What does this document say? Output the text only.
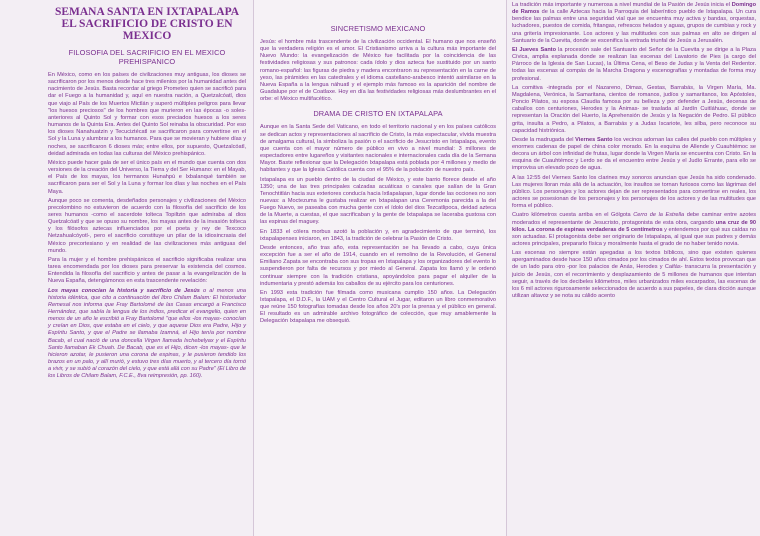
SEMANA SANTA EN IXTAPALAPA
EL SACRIFICIO DE CRISTO EN MEXICO
FILOSOFIA DEL SACRIFICIO EN EL MEXICO PREHISPANICO

En México, como en los países de civilizaciones muy antiguas, los dioses se sacrificaron por los menos desde hace tres milenios por la humanidad antes del nacimiento de Jesús. Basta recordar al griego Prometeo quien se sacrificó para dar el Fuego a la humanidad y, aquí en nuestra nación, a Quetzalcóatl, dios que viajo al País de los Muertos Mictlán y superó múltiples peligros para llevar "los huesos preciosos" de los hombres que murieron en las épocas -o soles- anteriores al Quinto Sol y formar con esos preciados huesos a los seres humanos de la Quinta Era. Antes del Quinto Sol reinaba la obscuridad. Por eso los dioses Nanahuatzin y Tecuciztécatl se sacrificaron para convertirse en el Sol y la Luna y alumbrar a los humanos. Para que se movieran y hubiere días y noches, se sacrificaron 6 dioses más; entre ellos, por supuesto, Quetzalcóatl, deidad admirada en todas las culturas del México prehispánico.

México puede hacer gala de ser el único país en el mundo que cuenta con dos versiones de la creación del Universo, la Tierra y del Ser Humano: en el Mayab, el País de los mayas, los hermanos Hunahpú e Ixbalanqué también se sacrificaron para ser el Sol y la Luna y formar los días y las noches en el País Maya.

Aunque poco se comenta, desdeñados personajes y civilizaciones del México precolombino no estuvieron de acuerdo con la filosofía del sacrificio de los seres humanos -como el sacerdote tolteca Topiltzin que admiraba al dios Quetzalcóatl y que se opuso su nombre, los mayas antes de la invasión tolteca y los filósofos aztecas influenciados por el poeta y rey de Texcoco Netzahualcóyotl-, pero el sacrificio constituye un pilar de la idiosincrasia del México precortesiano y en realidad de las civilizaciones más antiguas del mundo.

Para la mujer y el hombre prehispánicos el sacrificio significaba realizar una tarea encomendada por los dioses para preservar la existencia del cosmos. Entendida la filosofía del sacrificio y antes de pasar a la evangelización de la Nueva España, detengámonos en esta trascendente revelación:

Los mayas conocían la historia y sacrificio de Jesús o al menos una historia idéntica, que cito a continuación del libro Chilam Balam: El historiador Remesal nos informa que Fray Bartolomé de las Casas encargó a Francisco Hernández, que sabía la lengua de los indios, predicar el evangelio, quien en menos de un año le escribió a Fray Bartolomé "que ellos -los mayas- conocían y creían en Dios, que estaba en el cielo, y que aquese Dios era Padre, Hijo y Espíritu Santo, y que el Padre se llamaba Izamná, el Hijo tenía por nombre Bacab, el cual nació de una doncella Virgen llamada Ixchebelyax y el Espíritu Santo llamaban Ek Chuah. De Bacab, que es el Hijo, dicen -los mayas- que le hicieron azotar, le pusieron una corona de espinas, y le pusieron tendido los brazos en un palo, y allí murió, y estuvo tres días muerto, y al tercero día tornó a vivir, y se subió al corazón del cielo, y que está allá con su Padre" (El Libro de los Libros de Chilam Balam, F.C.E., 8va reimpresión, pp. 160).

SINCRETISMO MEXICANO

Jesús: el hombre más trascendente de la civilización occidental. El humano que nos enseñó que la verdadera religión es el amor. El Cristianismo arriva a la cultura más importante del Nuevo Mundo: la evangelización de México fue facilitada por la coincidencia de las festividades religiosas y sus patronos: cada ídolo y dios azteca fue sustituido por un santo romano-español: las figuras de piedra y madera encontraron su representación en la carne de yeso, las pirámides en las catedrales y el idioma castellano-arabesco intentó asimilarse en la Nueva España a la lengua náhuatl y el ejemplo más famoso es la aparición del nombre de Guadalupe por el de Coatlaxe. Hoy en día las festividades religiosas más deslumbrantes en el orbe: el México multifacético.

DRAMA DE CRISTO EN IXTAPALAPA

Aunque en la Santa Sede del Vaticano, en todo el territorio nacional y en los países católicos se dedican actos y representaciones al sacrificio de Cristo, la más espectacular, vívida muestra de amalgama cultural, la simboliza la pasión o el sacrificio de Jesucristo en Ixtapalapa, evento que cuenta con el mayor número de público en vivo a nivel mundial: 3 millones de espectadores entre lugareños y visitantes nacionales e internacionales cada día de la Semana Mayor. Baste reflexionar que la Delegación Ixtapalapa está poblada por 4 millones y medio de habitantes y que la Iglesia Católica cuenta con el 95% de la población de nuestro país.

Ixtapalapa es un pueblo dentro de la ciudad de México, y este barrio florece desde el año 1350; una de las tres principales calzadas acuáticas o canales que salían de la Gran Tenochtitlán hacia sus exteriores conducía hacia Ixtlapalapan, lugar donde las occiones no son nuevas: a Moctezuma le gustaba realizar en Ixtapalapan una Ceremonia parecida a la del Fuego Nuevo, se paseaba con mucha gente con el ídolo del dios Tezcatlipoca, deidad azteca de la Muerte, a cuestas, el que sacrificaban y la gente de Ixtapalapa se laceraba gustosa con las espinas del maguey.

En 1833 el cólera morbus azotó la población y, en agradecimiento de que terminó, los ixtapalapenses iniciaron, en 1843, la tradición de celebrar la Pasión de Cristo.

Desde entonces, año tras año, esta representación se ha llevado a cabo, cuya única excepción fue a ser el año de 1914, cuando en el remolino de la Revolución, el General Emiliano Zapata se encontraba con sus tropas en Ixtapalapa y los organizadores del evento lo suspendieron por falta de recursos y por miedo al General. Zapata los llamó y le ordenó continuar siempre con la tradición cristiana, apoyándolos para pagar el alquiler de la indumentaria y prestó además los caballos de su ejército para los centuriones.

En 1993 esta tradición fue filmada como musicana cumplio 150 años. La Delegación Ixtapalapa, el D.D.F., la UAM y el Centro Cultural el Jugar, editaron un libro conmemorativo que reúne 150 fotografías tomadas desde los años 20's por la prensa y el público en general. El resultado es un admirable archivo fotográfico de colección, que muy amablemente la Delegación Ixtapalapa me obsequió.

La tradición más importante y numerosa a nivel mundial de la Pasión de Jesús inicia el Domingo de Ramos de la calle Aztecas hacia la Parroquia del laberíntico pueblo de Ixtapalapa. Un cura bendice las palmas entre una seguridad vial que se encuentra muy activa y bandas, orquestas, luchadores, puestos de comida, fritangas, refrescos helados y aguas, grupos de cumbias y rock y una gritería impresionante. Los actores y las multitudes con sus palmas en alto se dirigen al Santuario de la Cuevita, donde se escenifica la entrada triunfal de Jesús a Jerusalén.

El Jueves Santo la procesión sale del Santuario del Señor de la Cuevita y se dirige a la Plaza Cívica, amplia explanada donde se realizan las escenas del Lavatorio de Pies (a cargo del Párroco de la Iglesia de San Lucas), la Última Cena, el Beso de Judas y la Venta del Redentor. todas las escenas al compás de la Marcha Dragona y escenografías y montadas de forma muy profesional.

La comitiva -integrada por el Nazareno, Dimas, Gestas, Barrabás, la Virgen María, Ma. Magdalena, Verónica, la Samaritana, cientos de romanos, judíos y samaritanos, los Apóstoles, Poncio Pilatos, su esposa Claudia famosa por su belleza y por defender a Jesús, decenas de caballos con centuriones, Herodes y la Ánimas- se traslada al Jardín Cuitláhuac, donde se representan la Oración del Huerto, la Aprehensión de Jesús y la Negación de Pedro. El público grita, insulta a Pedro, a Pilatos, a Barrabás y a Judas Iscariote, les silba, pero reconoce su capacidad histriónica.

Desde la madrugada del Viernes Santo los vecinos adornan las calles del pueblo con múltiples y enormes cadenas de papel de china color morado. En la esquina de Allende y Cuauhtémoc se decora un árbol con infinidad de frutas, lugar donde la Virgen María se encuentra con Cristo. En la esquina de Cuauhtémoc y Lerdo se da el encuentro entre Jesús y el Judío Errante, para ello se improvisa un elevado pozo de agua.

A las 12:55 del Viernes Santo los clarines muy sonoros anuncian que Jesús ha sido condenado. Las mujeres lloran más allá de la actuación, los insultos se tornan furiosos como las lágrimas del público. Los personajes y los actores dejan de ser representados para convertirse en reales, los actores se posesionan de los personajes y los personajes de los actores y de las multitudes que forma el público.

Cuatro kilómetros cuesta arriba en el Gólgota Cerro de la Estrella debe caminar entre azotes moderados el representante de Jesucristo, protagonista de esta obra, cargando una cruz de 90 kilos. La corona de espinas verdaderas de 5 centímetros y entendemos por qué sus caídas no son actuadas. El protagonista debe ser originario de Ixtapalapa, al igual que sus padres y demás actores principales, prepararlo física y moralmente hasta el grado de no haber tenido novia.

Las escenas no siempre están apegadas a los textos bíblicos, sino que existen quienes apergaminados desde hace 150 años cimados por los cimados de ahí. Estos textos provocan que de un lado para otro -por los palacios de Anás, Herodes y Caifás- transcurra la presentación y juicio de Jesús, con el recorrimiento y desplazamiento de 5 millones de humanos que intentan seguir, a través de los decibeles kilómetros, miles urbanizados miles escarpados, las escenas de los 6 mil actores rigurosamente seleccionados de acuerdo a sus papeles, de clara dicción aunque utilizan altavoz y se nota su cálido acento
